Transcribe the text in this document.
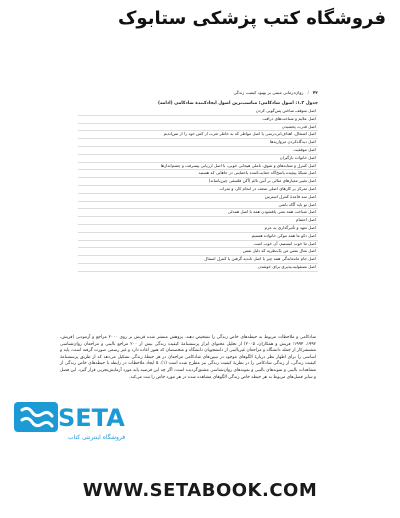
فروشگاه کتب پزشکی ستابوک
۴۲
/
روان‌درمانی مبتنی بر بهبود کیفیت زندگی
جدول ۱.۲: اصول شادکامی؛ مناسب‌ترین اصول ایجادکنندهٔ شادکامی (ادامه)
اصل متوقف ساختن پس‌گویی کردن
اصل علایم و شناخت‌های درافت
اصل قدرت پخشیدن
اصل اشتغال،‌ اهداف‌انی‌درسی یا اصل مواظر که به خاطر تغرت از کس خود را از تس‌اندیم
اصل دیدگاه‌کردن مروارید‌ها
اصل موفقیت
اصل خانواده بازگیران
اصل کنترل و شتابدهای و شوق، تاملی هیجانی‌ خوبی، با اصل ارزیابی پیسرفت و چشم‌اندازها
اصل شبکهٔ پیچیده پاسخ‌گاه حمایت‌کننده یاحمایتی در جاهایی که هستید
اصل تغییر معیارهای مثالی بر آنین نالم (آکن فلسفی چین‌پاساند)
اصل تمرکز بر کارهای اصلی ضعف در انجام کار، و ثمرات
اصل سه قاعدهٔ کنترل استرس
اصل تو باید آگاه باشی
اصل شناخت همه بعنی پافشودن همه با اصل همدلی
اصل احتمام
اصل تعهد و تأثیرگذاری یه عرم
اصل دکو ما همه موکی خانواده هستیم
اصل ما خوب انیستیم، آن خوب است
اصل مثال نفس من یک‌نظریه که دلیل نفس
اصل جام ماه‌مایه‌گی همه چیز با اصل تاندیه گرفتن یا کنترل اسمال
اصل مسئولیت‌پذیری برای خوشدن
شادکامی و ملاحظات مربوط به حیطه‌های خاص زندگی را تشخیص دهند. پژوهش منتشر شده قریش بر روی ۲۰۰۰ مراجع و آزمودنی (فریش، ۱۹۹۲، ۱۹۹۴؛ فریش و همکاران، ۲۰۰۵) از تحلیل محتوای ابزار پرسشنامهٔ کیفیت زندگی بیش از ۲۰۰ مراجع بالینی و مراجعان روان‌شناسی مشتشرکار از جمله دانشگاه و مراجعان غیربالینی از دانشجویان دانشگاه و متخصصان که هنوز اعاده دارد و غیر رسمی صورت گرفته است، پایه و اساسی را برای اظهار نظر دربارهٔ الگوهای موجود در تبیین‌های شادکامی مراجعان در هر حیطهٔ زندگی تشکیل می‌دهد که از طریق پرسشنامهٔ کیفیت زندگی، از زندگی شادکامی را در نظریهٔ کیفیت زندگی نیز مطرح شده است (۱). ۵ ایجاد ملاحظات در رابطه با حیطه‌های خاص زندگی از مشاهدات بالینی و نمونه‌های بالینی و نمونه‌های روان‌شناسی مشتق‌گردیده است، اگر چه این فرضیه پایه مورد آزمایش‌تجربی‌ قرار گیرد. این فصل و سایر فصل‌های مربوط به هر حیطه خاص زندگی الگوهای مشاهده شده در هر مورد خاص را ثبت می‌کند.
SETA
فروشگاه اینترنتی کتاب
WWW.SETABOOK.COM
